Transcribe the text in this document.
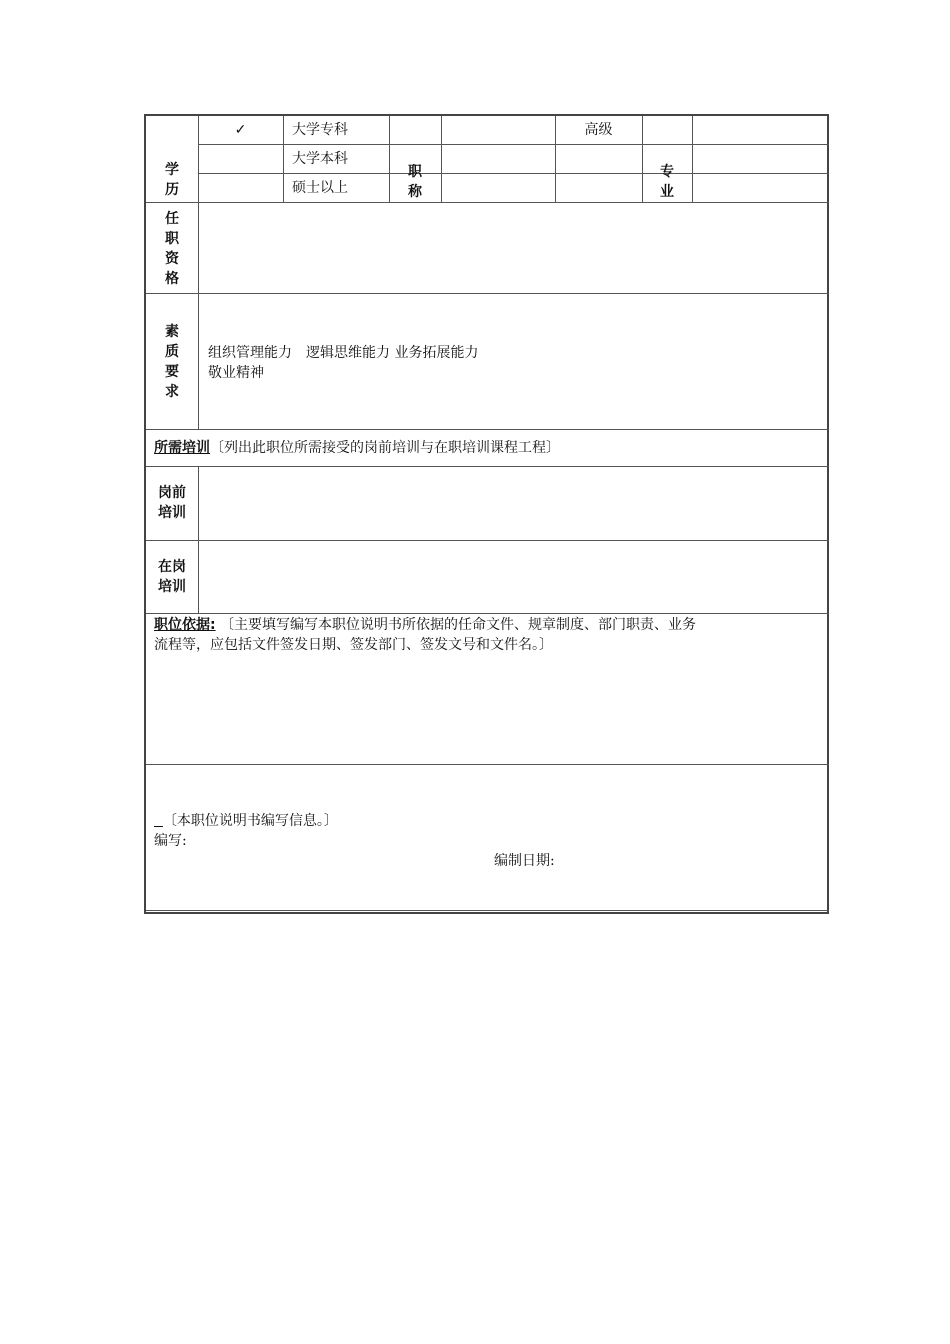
学
历
✓	大学专科
大学本科
硕士以上
职
称
高级
专
业
任
职
资
格
素
质
要
求
组织管理能力　逻辑思维能力 业务拓展能力
敬业精神
所需培训〔列出此职位所需接受的岗前培训与在职培训课程工程〕
岗前
培训
在岗
培训
职位依据: 〔主要填写编写本职位说明书所依据的任命文件、规章制度、部门职责、业务
流程等，应包括文件签发日期、签发部门、签发文号和文件名。〕
〔本职位说明书编写信息。〕
编写:
编制日期:
